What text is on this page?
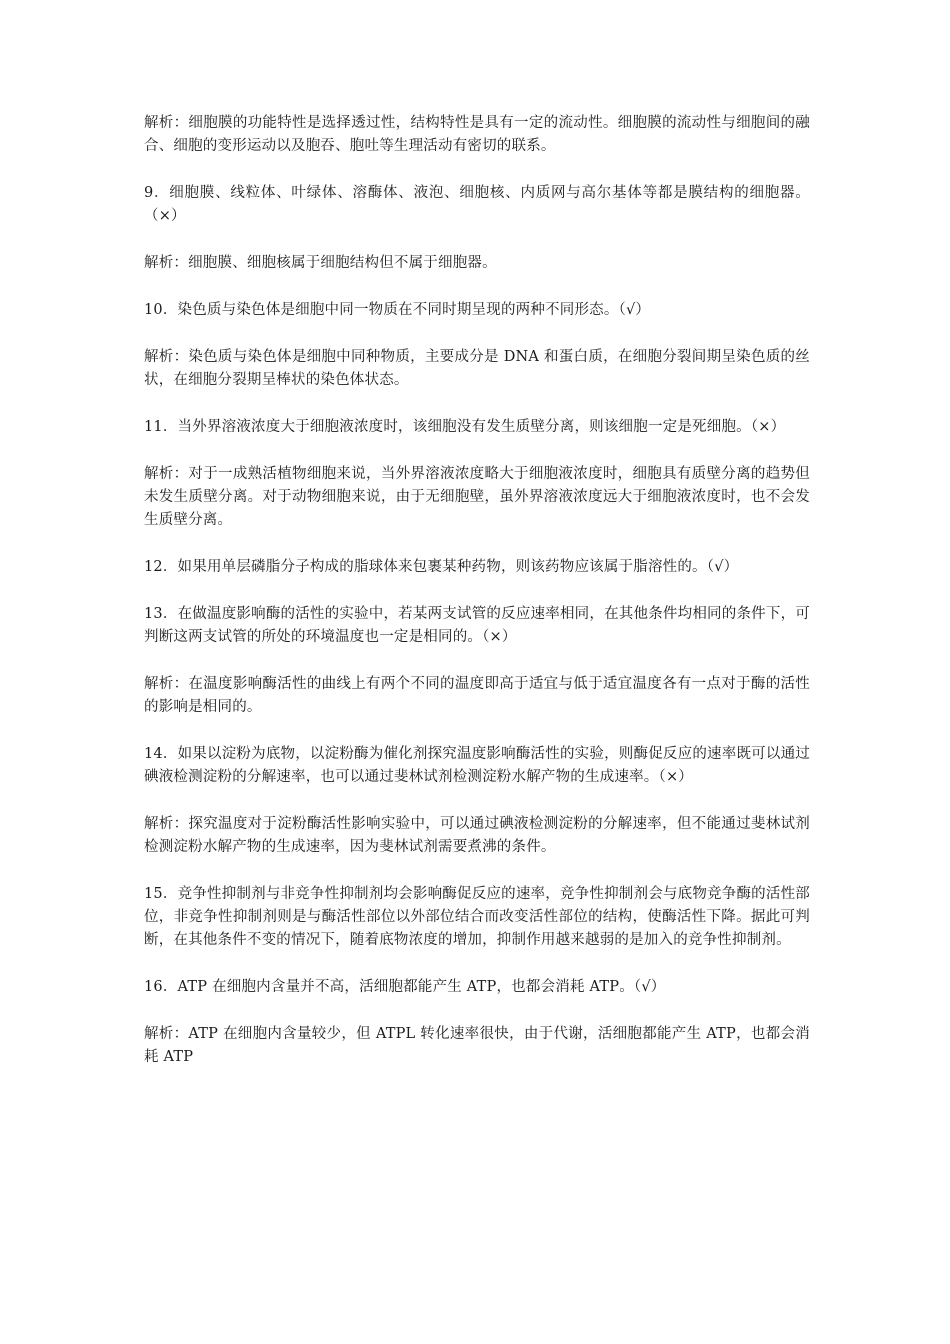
解析：细胞膜的功能特性是选择透过性，结构特性是具有一定的流动性。细胞膜的流动性与细胞间的融合、细胞的变形运动以及胞吞、胞吐等生理活动有密切的联系。

9．细胞膜、线粒体、叶绿体、溶酶体、液泡、细胞核、内质网与高尔基体等都是膜结构的细胞器。（×）

解析：细胞膜、细胞核属于细胞结构但不属于细胞器。

10．染色质与染色体是细胞中同一物质在不同时期呈现的两种不同形态。（√）

解析：染色质与染色体是细胞中同种物质，主要成分是 DNA 和蛋白质，在细胞分裂间期呈染色质的丝状，在细胞分裂期呈棒状的染色体状态。

11．当外界溶液浓度大于细胞液浓度时，该细胞没有发生质壁分离，则该细胞一定是死细胞。（×）

解析：对于一成熟活植物细胞来说，当外界溶液浓度略大于细胞液浓度时，细胞具有质壁分离的趋势但未发生质壁分离。对于动物细胞来说，由于无细胞壁，虽外界溶液浓度远大于细胞液浓度时，也不会发生质壁分离。

12．如果用单层磷脂分子构成的脂球体来包裹某种药物，则该药物应该属于脂溶性的。（√）

13．在做温度影响酶的活性的实验中，若某两支试管的反应速率相同，在其他条件均相同的条件下，可判断这两支试管的所处的环境温度也一定是相同的。（×）

解析：在温度影响酶活性的曲线上有两个不同的温度即高于适宜与低于适宜温度各有一点对于酶的活性的影响是相同的。

14．如果以淀粉为底物，以淀粉酶为催化剂探究温度影响酶活性的实验，则酶促反应的速率既可以通过碘液检测淀粉的分解速率，也可以通过斐林试剂检测淀粉水解产物的生成速率。（×）

解析：探究温度对于淀粉酶活性影响实验中，可以通过碘液检测淀粉的分解速率，但不能通过斐林试剂检测淀粉水解产物的生成速率，因为斐林试剂需要煮沸的条件。

15．竞争性抑制剂与非竞争性抑制剂均会影响酶促反应的速率，竞争性抑制剂会与底物竞争酶的活性部位，非竞争性抑制剂则是与酶活性部位以外部位结合而改变活性部位的结构，使酶活性下降。据此可判断，在其他条件不变的情况下，随着底物浓度的增加，抑制作用越来越弱的是加入的竞争性抑制剂。

16．ATP 在细胞内含量并不高，活细胞都能产生 ATP，也都会消耗 ATP。（√）

解析：ATP 在细胞内含量较少，但 ATPL 转化速率很快，由于代谢，活细胞都能产生 ATP，也都会消耗 ATP
